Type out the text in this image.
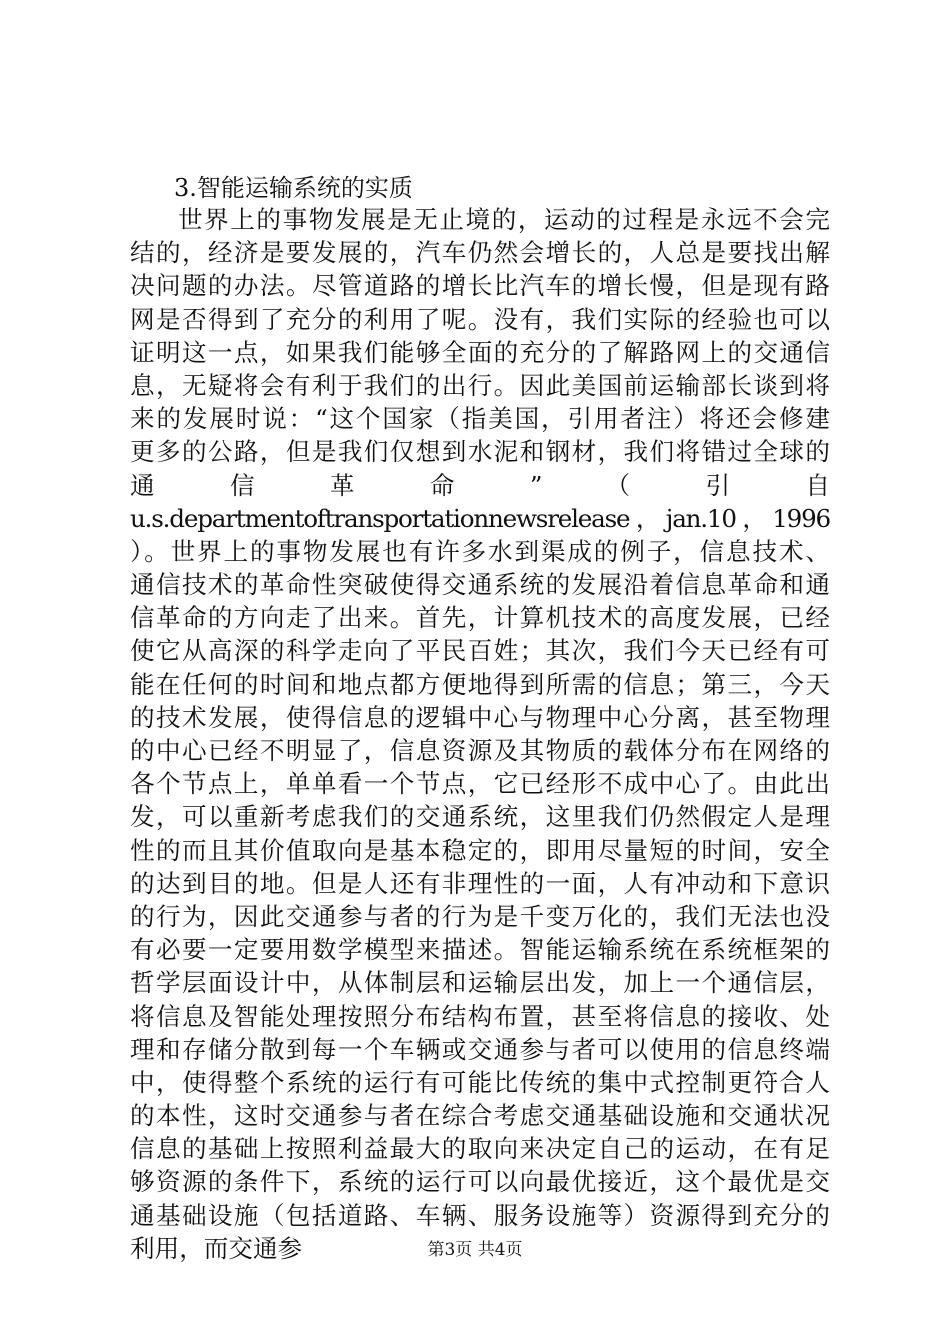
3.智能运输系统的实质
世界上的事物发展是无止境的，运动的过程是永远不会完
结的，经济是要发展的，汽车仍然会增长的，人总是要找出解
决问题的办法。尽管道路的增长比汽车的增长慢，但是现有路
网是否得到了充分的利用了呢。没有，我们实际的经验也可以
证明这一点，如果我们能够全面的充分的了解路网上的交通信
息，无疑将会有利于我们的出行。因此美国前运输部长谈到将
来的发展时说：“这个国家（指美国，引用者注）将还会修建
更多的公路，但是我们仅想到水泥和钢材，我们将错过全球的
通　信　革　命　”　（　引　自
u.s.departmentoftransportationnewsrelease，jan.10，1996
）。世界上的事物发展也有许多水到渠成的例子，信息技术、
通信技术的革命性突破使得交通系统的发展沿着信息革命和通
信革命的方向走了出来。首先，计算机技术的高度发展，已经
使它从高深的科学走向了平民百姓；其次，我们今天已经有可
能在任何的时间和地点都方便地得到所需的信息；第三，今天
的技术发展，使得信息的逻辑中心与物理中心分离，甚至物理
的中心已经不明显了，信息资源及其物质的载体分布在网络的
各个节点上，单单看一个节点，它已经形不成中心了。由此出
发，可以重新考虑我们的交通系统，这里我们仍然假定人是理
性的而且其价值取向是基本稳定的，即用尽量短的时间，安全
的达到目的地。但是人还有非理性的一面，人有冲动和下意识
的行为，因此交通参与者的行为是千变万化的，我们无法也没
有必要一定要用数学模型来描述。智能运输系统在系统框架的
哲学层面设计中，从体制层和运输层出发，加上一个通信层，
将信息及智能处理按照分布结构布置，甚至将信息的接收、处
理和存储分散到每一个车辆或交通参与者可以使用的信息终端
中，使得整个系统的运行有可能比传统的集中式控制更符合人
的本性，这时交通参与者在综合考虑交通基础设施和交通状况
信息的基础上按照利益最大的取向来决定自己的运动，在有足
够资源的条件下，系统的运行可以向最优接近，这个最优是交
通基础设施（包括道路、车辆、服务设施等）资源得到充分的
利用，而交通参	第3页 共4页
